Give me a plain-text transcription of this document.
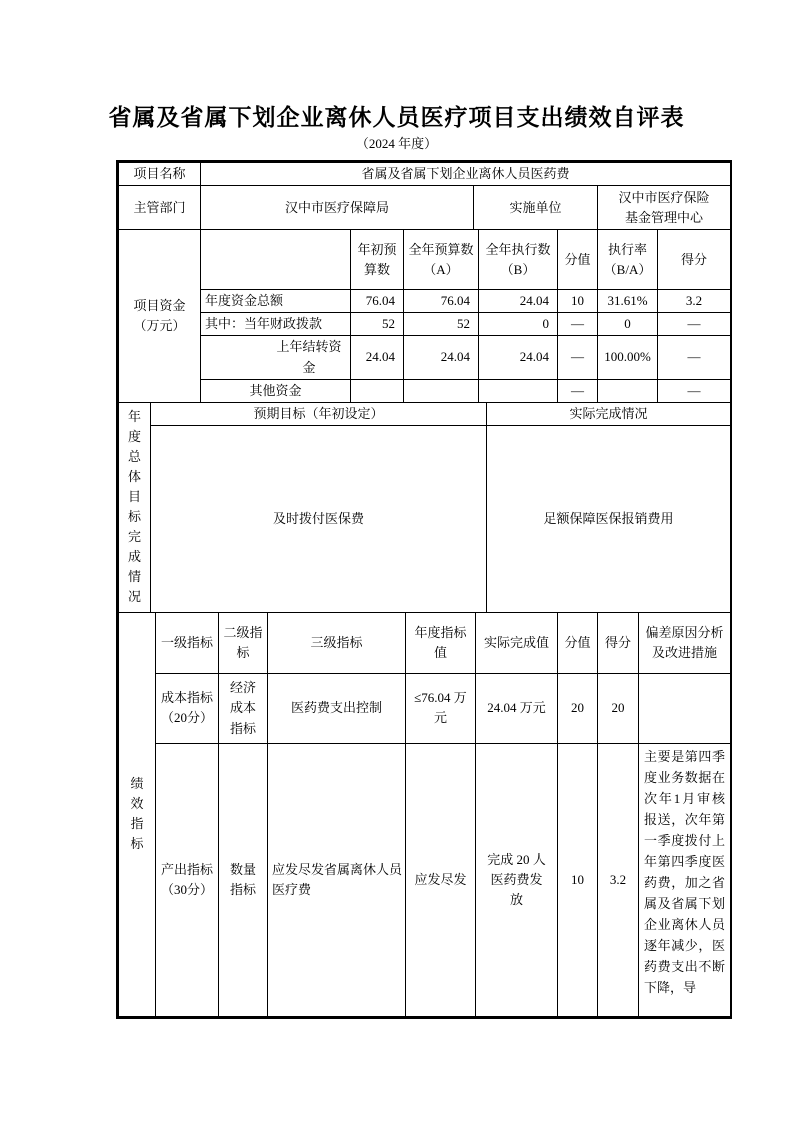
省属及省属下划企业离休人员医疗项目支出绩效自评表
（2024 年度）
项目名称	省属及省属下划企业离休人员医药费		
主管部门	汉中市医疗保障局	实施单位	汉中市医疗保险基金管理中心
项目资金（万元）		年初预算数	全年预算数（A）	全年执行数（B）	分值	执行率（B/A）	得分
	年度资金总额	76.04	76.04	24.04	10	31.61%	3.2
	其中：当年财政拨款	52	52	0	—	0	—
	上年结转资金	24.04	24.04	24.04	—	100.00%	—
	其他资金				—		—
年度总体目标完成情况	预期目标（年初设定）	实际完成情况
	及时拨付医保费	足额保障医保报销费用
绩效指标	一级指标	二级指标	三级指标	年度指标值	实际完成值	分值	得分	偏差原因分析及改进措施
	成本指标（20分）	经济成本指标	医药费支出控制	≤76.04 万元	24.04 万元	20	20	
	产出指标（30分）	数量指标	应发尽发省属离休人员医疗费	应发尽发	完成 20 人医药费发放	10	3.2	主要是第四季度业务数据在次年1月审核报送，次年第一季度拨付上年第四季度医药费，加之省属及省属下划企业离休人员逐年减少，医药费支出不断下降，导
